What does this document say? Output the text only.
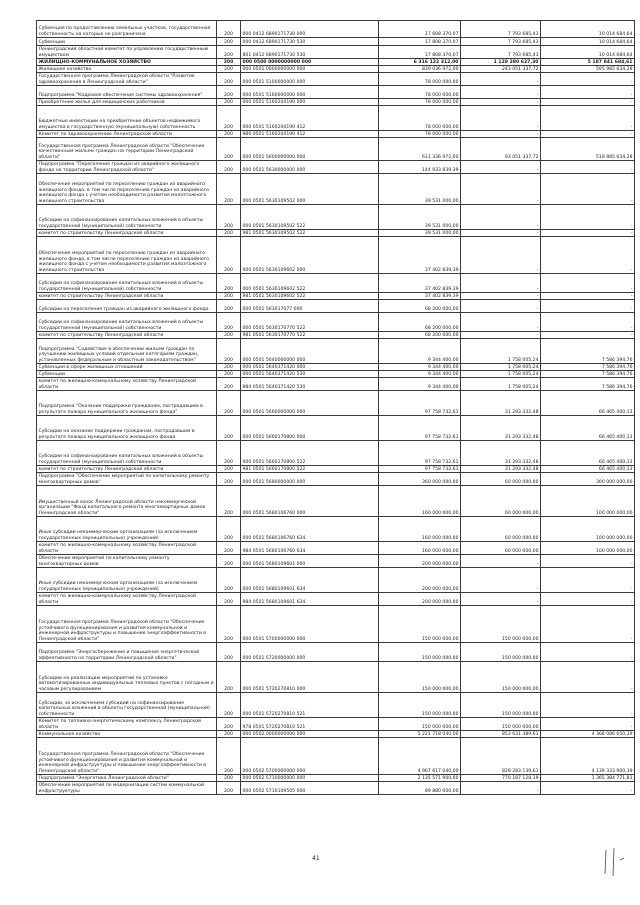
Субвенция по предоставлению земельных участков, государственная собственность на которые не разграничена	200	000 0412 6890171730 000	17 608 370,07	7 793 685,43	10 014 684,64
Субвенции	200	000 0412 6890171730 530	17 808 370,07	7 793 685,43	10 014 684,64
Ленинградский областной комитет по управлению государственным имуществом	200	801 0412 6890171730 530	17 808 370,07	7 793 685,43	10 014 684,64
ЖИЛИЩНО-КОММУНАЛЬНОЕ ХОЗЯЙСТВО	200	000 0500 0000000000 000	6 316 122 312,00	1 128 280 627,30	5 187 841 684,61
Жилищное хозяйство	200	000 0501 0000000000 000	839 036 972,00	243 051 337,72	595 985 634,28
Государственная программа Ленинградской области "Развитие здравоохранения в Ленинградской области"	200	000 0501 5100000000 000	78 000 000,00	-	-
Подпрограмма "Кадровое обеспечение системы здравоохранения"	200	000 0501 5160000000 000	78 000 000,00	-	-
Приобретение жилья для медицинских работников	200	000 0501 5160204190 000	78 000 000,00	-	-
Бюджетные инвестиции на приобретение объектов недвижимого имущества в государственную (муниципальную) собственность	200	000 0501 5160204190 412	78 000 000,00	-	-
Комитет по здравоохранению Ленинградской области	200	986 0501 5160204190 412	78 000 000,00	-	-
Государственная программа Ленинградской области "Обеспечение качественным жильем граждан на территории Ленинградской области"	200	000 0501 5600000000 000	611 336 972,00	93 051 337,72	518 885 634,28
Подпрограмма "Переселение граждан из аварийного жилищного фонда на территории Ленинградской области"	200	000 0501 5630000000 000	144 933 839,39	-	-
Обеспечение мероприятий по переселению граждан из аварийного жилищного фонда, в том числе переселению граждан из аварийного жилищного фонда с учетом необходимости развития малоэтажного жилищного строительства	200	000 0501 5630109502 000	39 531 000,00	-	-
Субсидии на софинансирование капитальных вложений в объекты государственной (муниципальной) собственности	200	000 0501 5630109502 522	39 531 000,00	-	-
комитет по строительству Ленинградской области	200	981 0501 5630109502 522	39 531 000,00	-	-
Обеспечение мероприятий по переселению граждан из аварийного жилищного фонда, в том числе переселению граждан из аварийного жилищного фонда с учетом необходимости развития малоэтажного жилищного строительства	200	000 0501 5630109602 000	37 402 839,39	-	-
Субсидии на софинансирование капитальных вложений в объекты государственной (муниципальной) собственности	200	000 0501 5630109602 522	37 402 839,39	-	-
комитет по строительству Ленинградской области	200	981 0501 5630109602 522	37 402 839,39	-	-
Субсидии на переселение граждан из аварийного жилищного фонда	200	000 0501 563017077 000	68 200 000,00	-	-
Субсидии на софинансирование капитальных вложений в объекты государственной (муниципальной) собственности	200	000 0501 5630170770 522	68 200 000,00	-	-
комитет по строительству Ленинградской области	200	981 0501 5630170770 522	68 200 000,00	-	-
Подпрограмма "Содействие в обеспечении жильем граждан по улучшению жилищных условий отдельным категориям граждан, установленных федеральным и областным законодательством"	200	000 0501 5640000000 000	9 344 400,00	1 758 005,24	7 586 394,76
Субвенции в сфере жилищных отношений	200	000 0501 5640371420 000	9 344 400,00	1 758 005,24	7 586 394,76
Субвенции	200	000 0501 5640371420 530	9 344 400,00	1 758 005,24	7 586 394,76
комитет по жилищно-коммунальному хозяйству Ленинградской области	200	984 0501 5640371420 530	9 344 400,00	1 758 005,24	7 586 394,76
Подпрограмма "Оказание поддержки гражданам, пострадавшим в результате пожара муниципального жилищного фонда"	200	000 0501 5660000000 000	97 758 732,61	31 293 332,48	66 465 400,13
Субсидии на оказание поддержки гражданам, пострадавшим в результате пожара муниципального жилищного фонда	200	000 0501 5660170800 000	97 758 732,61	31 293 332,48	66 465 400,13
Субсидии на софинансирование капитальных вложений в объекты государственной (муниципальной) собственности	200	000 0501 5660170800 522	97 758 732,61	31 293 332,48	66 465 400,13
комитет по строительству Ленинградской области	200	981 0501 5660170800 522	97 758 732,61	31 293 332,48	66 465 400,13
Подпрограмма "Обеспечение мероприятий по капитальному ремонту многоквартирных домов"	200	000 0501 5680000000 000	360 000 000,00	60 000 000,00	300 000 000,00
Имущественный взнос Ленинградской области некоммерческой организации "Фонд капитального ремонта многоквартирных домов Ленинградской области"	200	000 0501 5680106760 000	160 000 000,00	60 000 000,00	100 000 000,00
Иные субсидии некоммерческим организациям (за исключением государственных (муниципальных) учреждений)	200	000 0501 5680106760 634	160 000 000,00	60 000 000,00	100 000 000,00
комитет по жилищно-коммунальному хозяйству Ленинградской области	200	984 0501 5680106760 634	160 000 000,00	60 000 000,00	100 000 000,00
Обеспечение мероприятий по капитальному ремонту многоквартирных домов	200	000 0501 5680109601 000	200 000 000,00	-	-
Иные субсидии некоммерческим организациям (за исключением государственных (муниципальных) учреждений)	200	000 0501 5680109601 634	200 000 000,00	-	-
комитет по жилищно-коммунальному хозяйству Ленинградской области	200	984 0501 5680109601 634	200 000 000,00	-	-
Государственная программа Ленинградской области "Обеспечение устойчивого функционирования и развития коммунальной и инженерной инфраструктуры и повышение энергоэффективности в Ленинградской области"	200	000 0501 5700000000 000	150 000 000,00	150 000 000,00	-
Подпрограмма "Энергосбережение и повышение энергетической эффективности на территории Ленинградской области"	200	000 0501 5720000000 000	150 000 000,00	150 000 000,00	-
Субсидии на реализацию мероприятий по установке автоматизированных индивидуальных тепловых пунктов с погодным и часовым регулированием	200	000 0501 5720270810 000	150 000 000,00	150 000 000,00	-
Субсидии, за исключением субсидий на софинансирование капитальных вложений в объекты государственной (муниципальной) собственности	200	000 0501 5720270810 521	150 000 000,00	150 000 000,00	-
Комитет по топливно-энергетическому комплексу Ленинградской области	200	978 0501 5720270810 521	150 000 000,00	150 000 000,00	-
Коммунальное хозяйство	200	000 0502 0000000000 000	5 221 718 040,00	853 631 389,61	4 368 086 650,39
Государственная программа Ленинградской области "Обеспечение устойчивого функционирования и развития коммунальной и инженерной инфраструктуры и повышение энергоэффективности в Ленинградской области"	200	000 0502 5700000000 000	4 967 617 040,00	828 283 139,61	4 139 333 900,39
Подпрограмма "Энергетика Ленинградской области"	200	000 0502 5710000000 000	2 135 571 900,00	770 187 128,19	1 365 384 771,81
Обеспечение мероприятий по модернизации систем коммунальной инфраструктуры	200	000 0502 5710109505 000	89 880 000,00	-	-
41
